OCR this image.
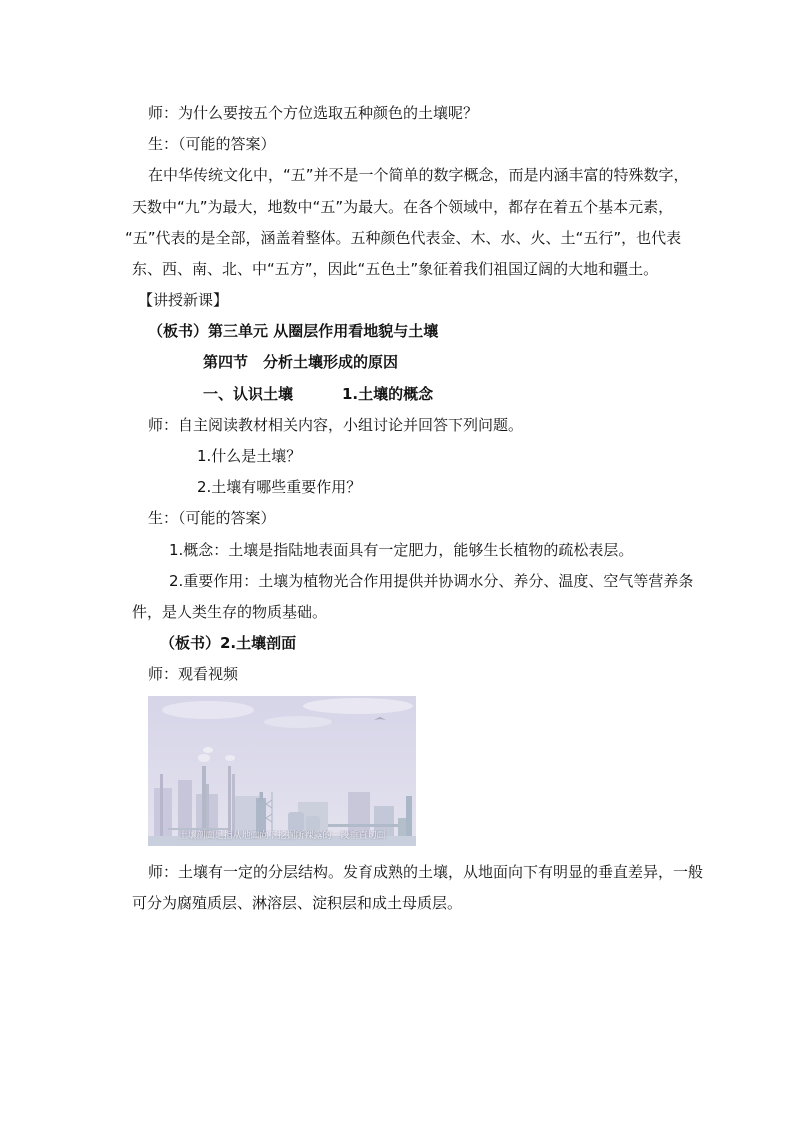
师：为什么要按五个方位选取五种颜色的土壤呢？
生：（可能的答案）
在中华传统文化中，“五”并不是一个简单的数字概念，而是内涵丰富的特殊数字，
天数中“九”为最大，地数中“五”为最大。在各个领域中，都存在着五个基本元素，
“五”代表的是全部，涵盖着整体。五种颜色代表金、木、水、火、土“五行”，也代表
东、西、南、北、中“五方”，因此“五色土”象征着我们祖国辽阔的大地和疆土。
【讲授新课】
（板书）第三单元 从圈层作用看地貌与土壤
第四节　分析土壤形成的原因
一、认识土壤	1.土壤的概念
师：自主阅读教材相关内容，小组讨论并回答下列问题。
1.什么是土壤？
2.土壤有哪些重要作用？
生：（可能的答案）
1.概念：土壤是指陆地表面具有一定肥力，能够生长植物的疏松表层。
2.重要作用：土壤为植物光合作用提供并协调水分、养分、温度、空气等营养条
件，是人类生存的物质基础。
（板书）2.土壤剖面
师：观看视频
土壤剖面是指从地面向下挖掘所裸露的一段垂直切面
师：土壤有一定的分层结构。发育成熟的土壤，从地面向下有明显的垂直差异，一般
可分为腐殖质层、淋溶层、淀积层和成土母质层。
